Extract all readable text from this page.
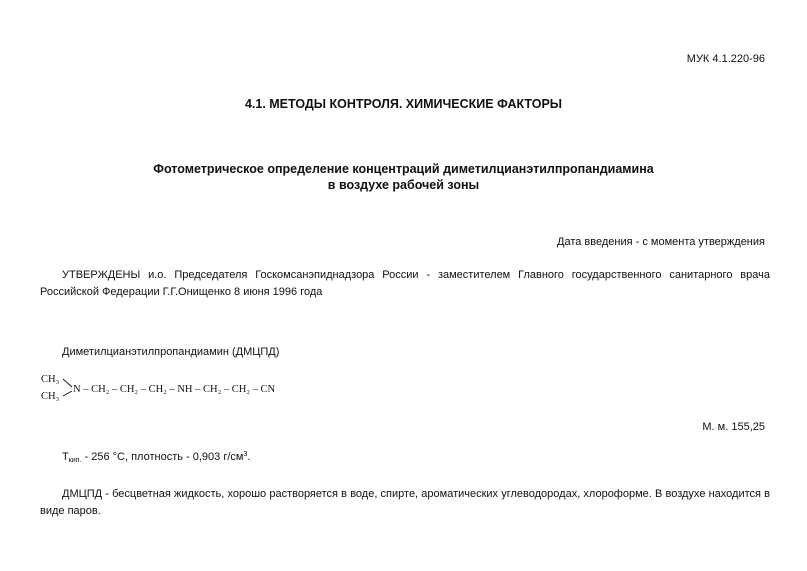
МУК 4.1.220-96
4.1. МЕТОДЫ КОНТРОЛЯ. ХИМИЧЕСКИЕ ФАКТОРЫ
Фотометрическое определение концентраций диметилцианэтилпропандиамина
в воздухе рабочей зоны
Дата введения - с момента утверждения
УТВЕРЖДЕНЫ и.о. Председателя Госкомсанэпиднадзора России - заместителем Главного государственного санитарного врача Российской Федерации Г.Г.Онищенко 8 июня 1996 года
Диметилцианэтилпропандиамин (ДМЦПД)
CH₃
CH₃
N – CH₂ – CH₂ – CH₂ – NH – CH₂ – CH₂ – CN
М. м. 155,25
$T_{кип.} - 256$ °С, плотность - 0,903 $г/см^3$.
ДМЦПД - бесцветная жидкость, хорошо растворяется в воде, спирте, ароматических углеводородах, хлороформе. В воздухе находится в виде паров.
